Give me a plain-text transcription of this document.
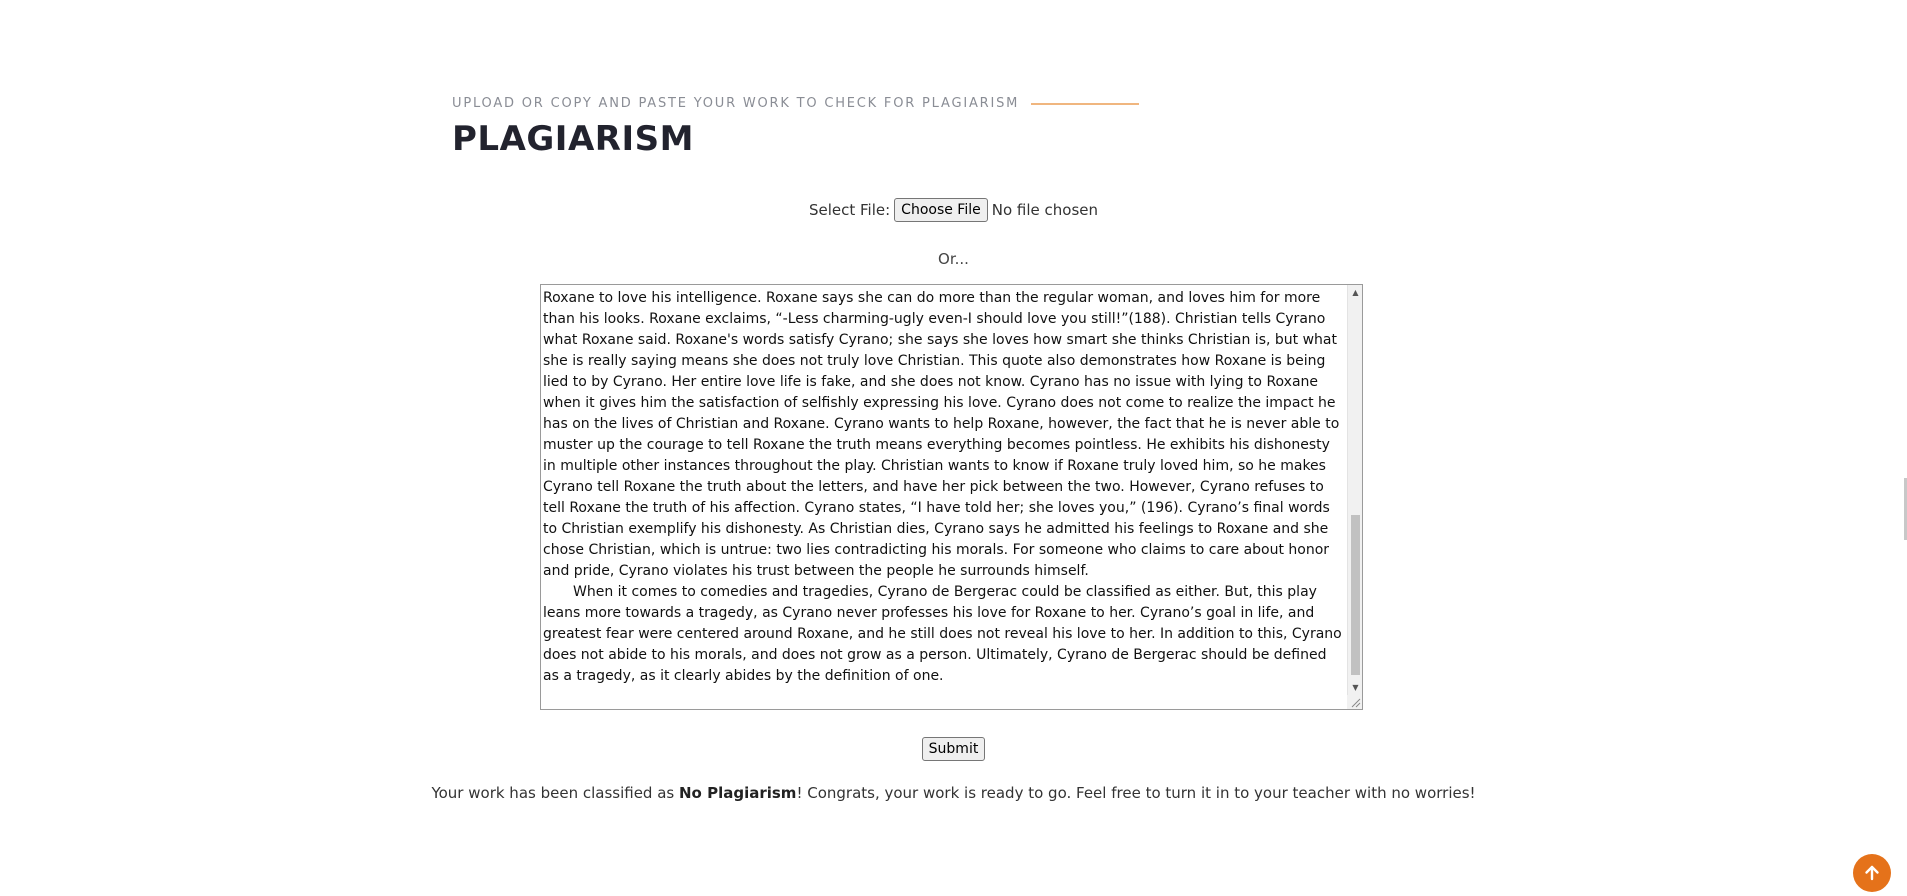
UPLOAD OR COPY AND PASTE YOUR WORK TO CHECK FOR PLAGIARISM
PLAGIARISM
Select File: Choose File No file chosen
Or...

Roxane to love his intelligence. Roxane says she can do more than the regular woman, and loves him for more than his looks. Roxane exclaims, “-Less charming-ugly even-I should love you still!”(188). Christian tells Cyrano what Roxane said. Roxane's words satisfy Cyrano; she says she loves how smart she thinks Christian is, but what she is really saying means she does not truly love Christian. This quote also demonstrates how Roxane is being lied to by Cyrano. Her entire love life is fake, and she does not know. Cyrano has no issue with lying to Roxane when it gives him the satisfaction of selfishly expressing his love. Cyrano does not come to realize the impact he has on the lives of Christian and Roxane. Cyrano wants to help Roxane, however, the fact that he is never able to muster up the courage to tell Roxane the truth means everything becomes pointless. He exhibits his dishonesty in multiple other instances throughout the play. Christian wants to know if Roxane truly loved him, so he makes Cyrano tell Roxane the truth about the letters, and have her pick between the two. However, Cyrano refuses to tell Roxane the truth of his affection. Cyrano states, “I have told her; she loves you,” (196). Cyrano’s final words to Christian exemplify his dishonesty. As Christian dies, Cyrano says he admitted his feelings to Roxane and she chose Christian, which is untrue: two lies contradicting his morals. For someone who claims to care about honor and pride, Cyrano violates his trust between the people he surrounds himself.

When it comes to comedies and tragedies, Cyrano de Bergerac could be classified as either. But, this play leans more towards a tragedy, as Cyrano never professes his love for Roxane to her. Cyrano’s goal in life, and greatest fear were centered around Roxane, and he still does not reveal his love to her. In addition to this, Cyrano does not abide to his morals, and does not grow as a person. Ultimately, Cyrano de Bergerac should be defined as a tragedy, as it clearly abides by the definition of one.

▲
▼
Submit
Your work has been classified as No Plagiarism! Congrats, your work is ready to go. Feel free to turn it in to your teacher with no worries!
